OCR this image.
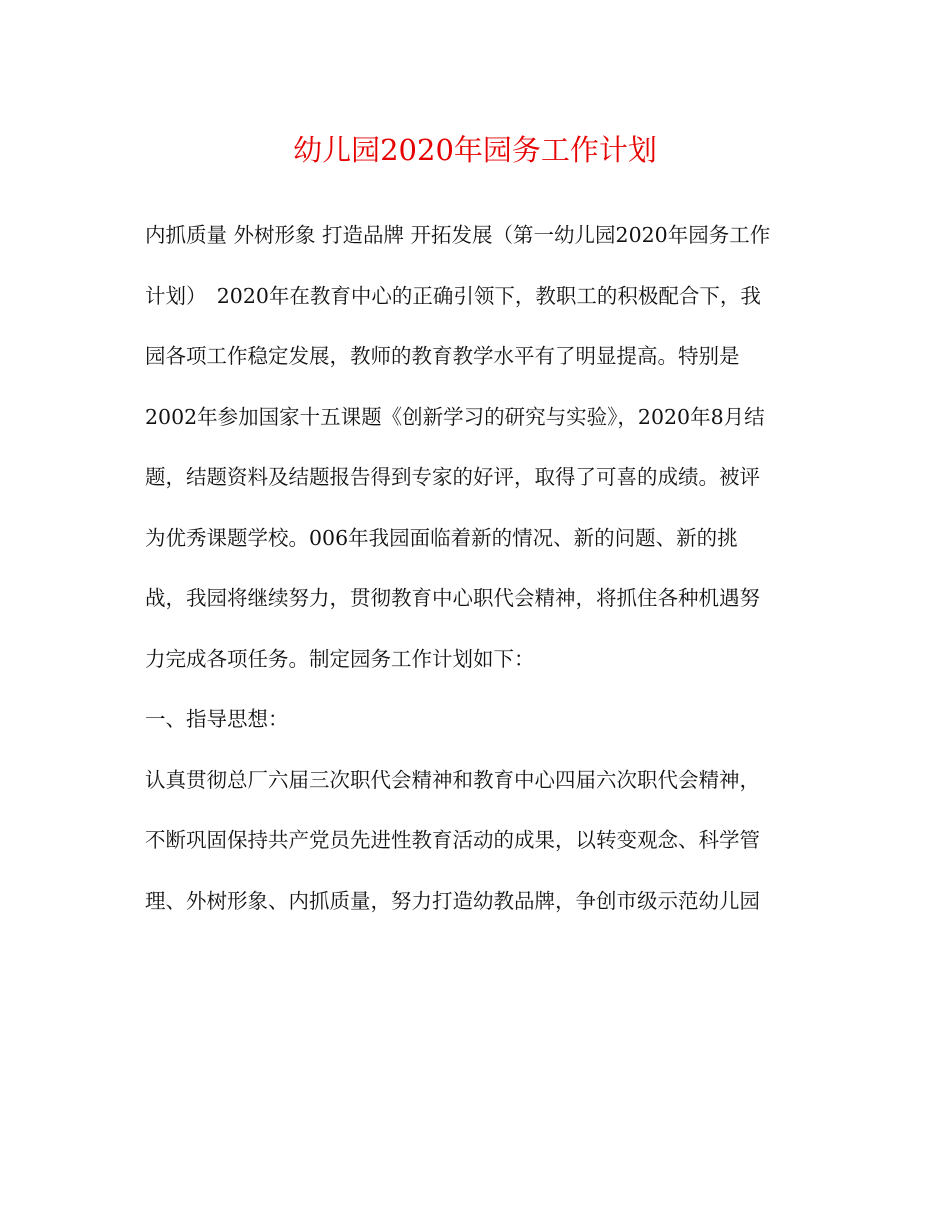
幼儿园2020年园务工作计划
内抓质量 外树形象 打造品牌 开拓发展（第一幼儿园2020年园务工作
计划）　2020年在教育中心的正确引领下，教职工的积极配合下，我
园各项工作稳定发展，教师的教育教学水平有了明显提高。特别是
2002年参加国家十五课题《创新学习的研究与实验》，2020年8月结
题，结题资料及结题报告得到专家的好评，取得了可喜的成绩。被评
为优秀课题学校。006年我园面临着新的情况、新的问题、新的挑
战，我园将继续努力，贯彻教育中心职代会精神，将抓住各种机遇努
力完成各项任务。制定园务工作计划如下：
一、指导思想：
认真贯彻总厂六届三次职代会精神和教育中心四届六次职代会精神，
不断巩固保持共产党员先进性教育活动的成果，以转变观念、科学管
理、外树形象、内抓质量，努力打造幼教品牌，争创市级示范幼儿园
